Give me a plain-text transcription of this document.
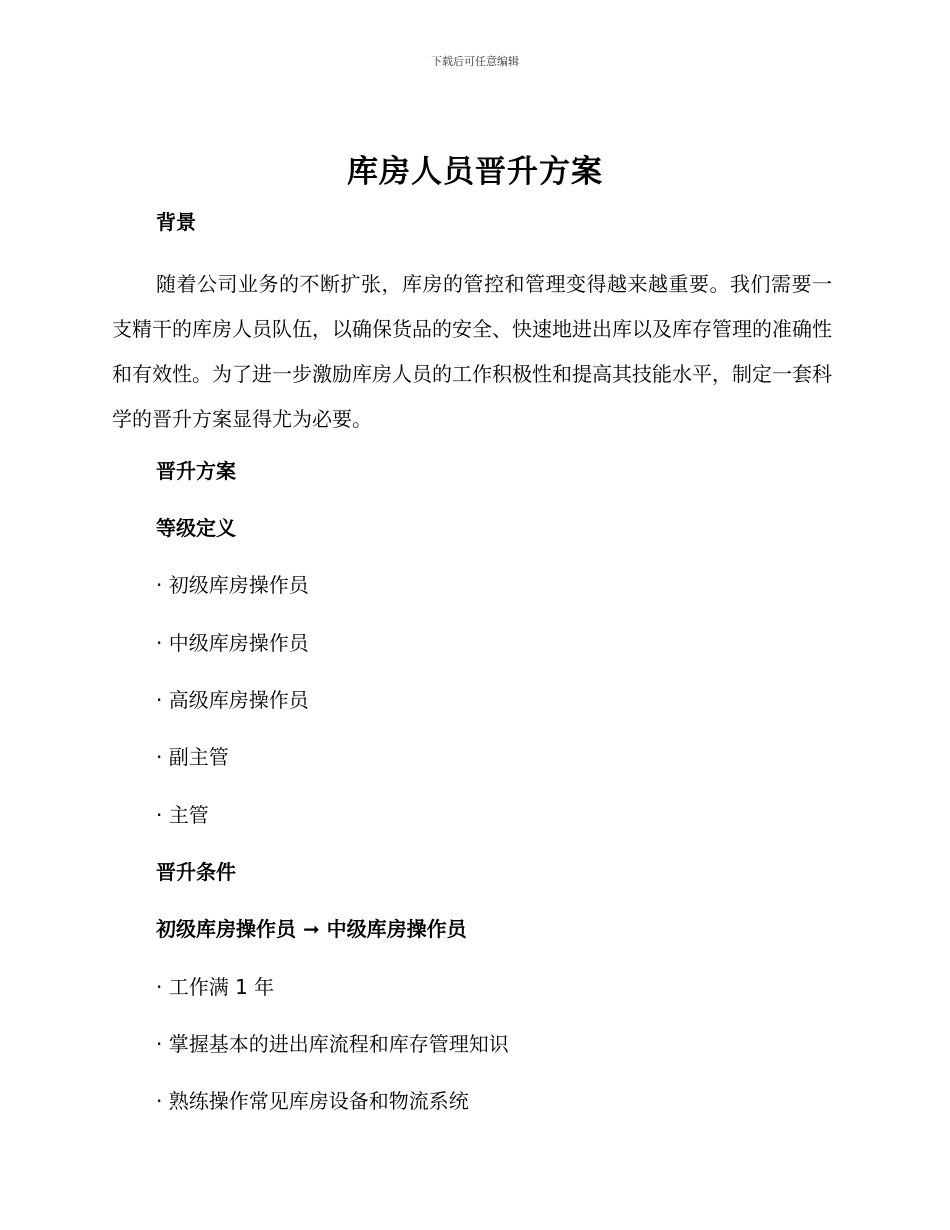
下载后可任意编辑
库房人员晋升方案
背景
随着公司业务的不断扩张，库房的管控和管理变得越来越重要。我们需要一支精干的库房人员队伍，以确保货品的安全、快速地进出库以及库存管理的准确性和有效性。为了进一步激励库房人员的工作积极性和提高其技能水平，制定一套科学的晋升方案显得尤为必要。
晋升方案
等级定义
· 初级库房操作员
· 中级库房操作员
· 高级库房操作员
· 副主管
· 主管
晋升条件
初级库房操作员 ➞ 中级库房操作员
· 工作满 1 年
· 掌握基本的进出库流程和库存管理知识
· 熟练操作常见库房设备和物流系统
